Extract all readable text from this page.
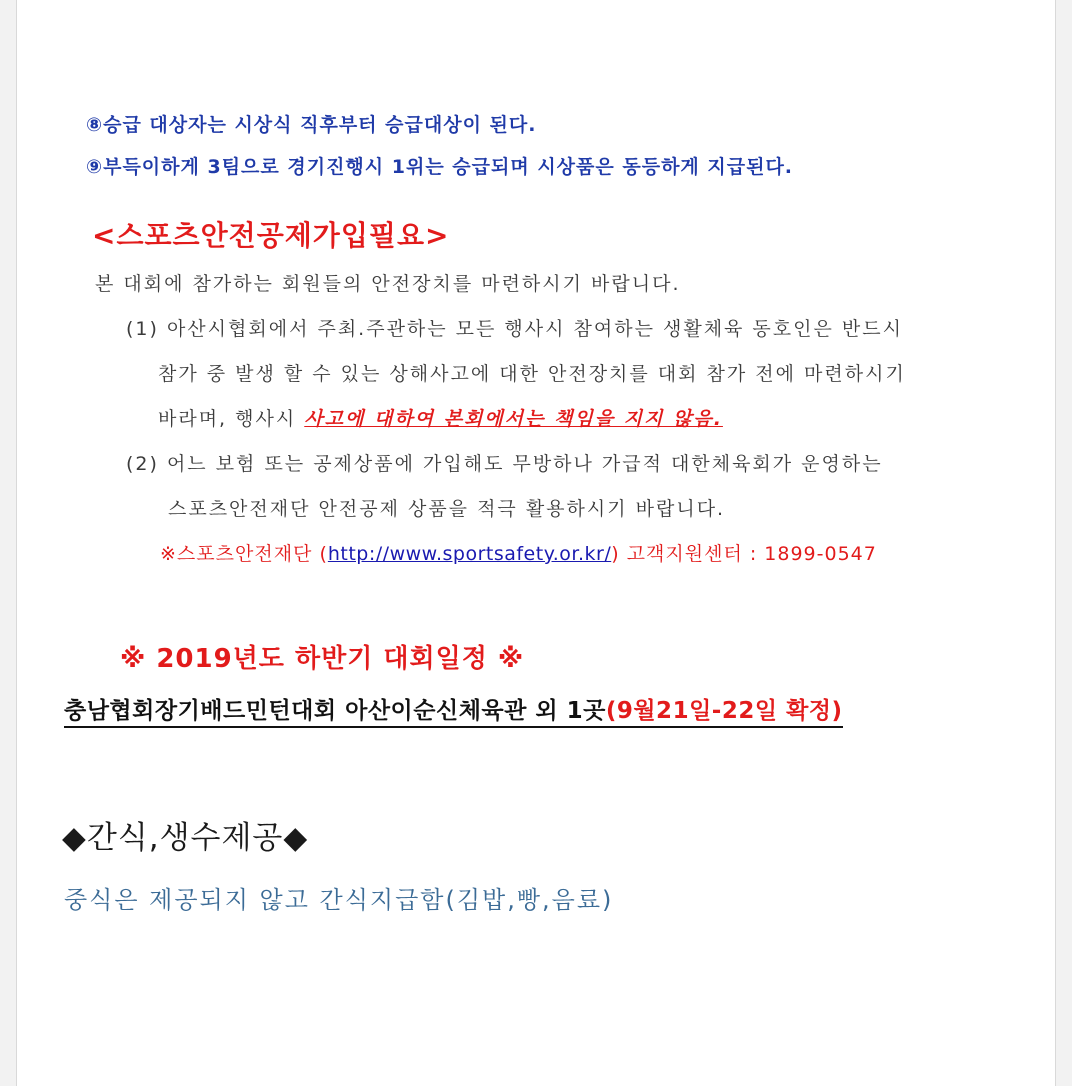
⑧승급 대상자는 시상식 직후부터 승급대상이 된다.
⑨부득이하게 3팀으로 경기진행시 1위는 승급되며 시상품은 동등하게 지급된다.
<스포츠안전공제가입필요>
본 대회에 참가하는 회원들의 안전장치를 마련하시기 바랍니다.
(1) 아산시협회에서 주최.주관하는 모든 행사시 참여하는 생활체육 동호인은 반드시
참가 중 발생 할 수 있는 상해사고에 대한 안전장치를 대회 참가 전에 마련하시기
바라며, 행사시 사고에 대하여 본회에서는 책임을 지지 않음.
(2) 어느 보험 또는 공제상품에 가입해도 무방하나 가급적 대한체육회가 운영하는
스포츠안전재단 안전공제 상품을 적극 활용하시기 바랍니다.
※스포츠안전재단 (http://www.sportsafety.or.kr/) 고객지원센터 : 1899-0547
※ 2019년도 하반기 대회일정 ※
충남협회장기배드민턴대회 아산이순신체육관 외 1곳(9월21일-22일 확정)
◆간식,생수제공◆
중식은 제공되지 않고 간식지급함(김밥,빵,음료)
